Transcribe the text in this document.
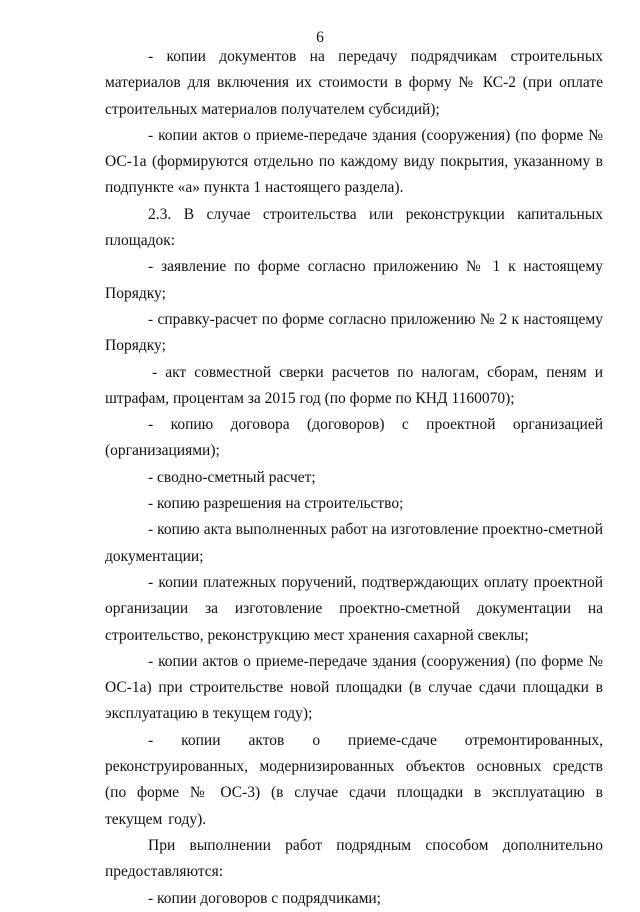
6

- копии документов на передачу подрядчикам строительных материалов для включения их стоимости в форму № КС-2 (при оплате строительных материалов получателем субсидий);

- копии актов о приеме-передаче здания (сооружения) (по форме № ОС-1а (формируются отдельно по каждому виду покрытия, указанному в подпункте «а» пункта 1 настоящего раздела).

2.3. В случае строительства или реконструкции капитальных площадок:

- заявление по форме согласно приложению № 1 к настоящему Порядку;

- справку-расчет по форме согласно приложению № 2 к настоящему Порядку;

- акт совместной сверки расчетов по налогам, сборам, пеням и штрафам, процентам за 2015 год (по форме по КНД 1160070);

- копию договора (договоров) с проектной организацией (организациями);

- сводно-сметный расчет;

- копию разрешения на строительство;

- копию акта выполненных работ на изготовление проектно-сметной документации;

- копии платежных поручений, подтверждающих оплату проектной организации за изготовление проектно-сметной документации на строительство, реконструкцию мест хранения сахарной свеклы;

- копии актов о приеме-передаче здания (сооружения) (по форме № ОС-1а) при строительстве новой площадки (в случае сдачи площадки в эксплуатацию в текущем году);

- копии актов о приеме-сдаче отремонтированных, реконструированных, модернизированных объектов основных средств (по форме № ОС-3) (в случае сдачи площадки в эксплуатацию в текущем году).

При выполнении работ подрядным способом дополнительно предоставляются:

- копии договоров с подрядчиками;
